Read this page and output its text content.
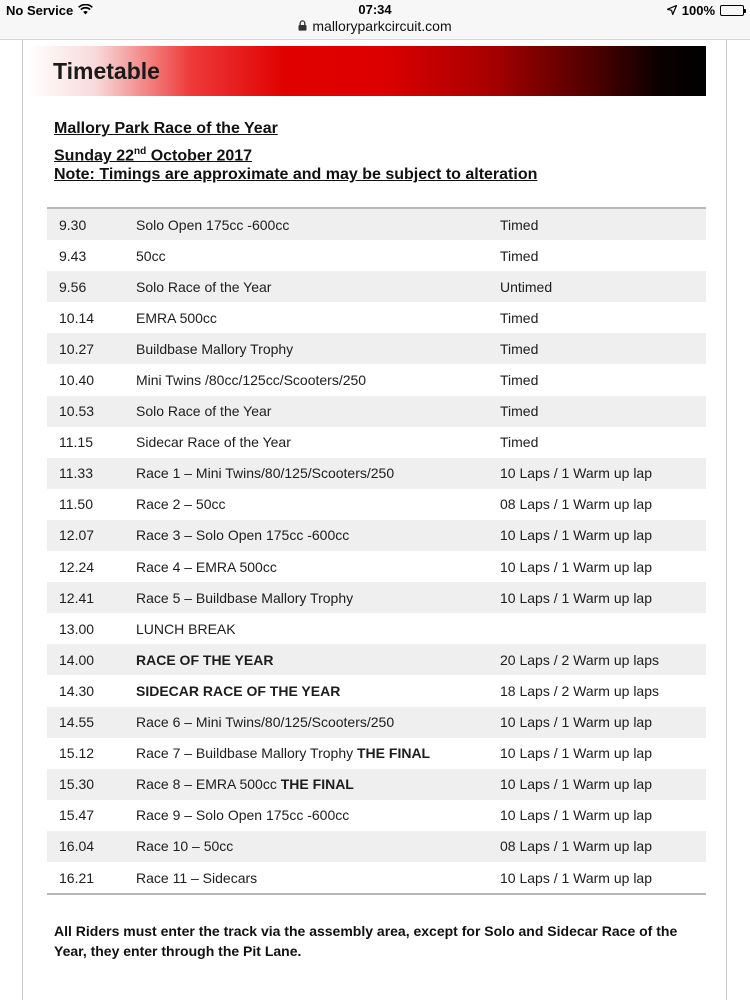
No Service	07:34
malloryparkcircuit.com
100%
Timetable
Mallory Park Race of the Year
Sunday 22nd October 2017
Note: Timings are approximate and may be subject to alteration
9.30	Solo Open 175cc -600cc	Timed
9.43	50cc	Timed
9.56	Solo Race of the Year	Untimed
10.14	EMRA 500cc	Timed
10.27	Buildbase Mallory Trophy	Timed
10.40	Mini Twins /80cc/125cc/Scooters/250	Timed
10.53	Solo Race of the Year	Timed
11.15	Sidecar Race of the Year	Timed
11.33	Race 1 – Mini Twins/80/125/Scooters/250	10 Laps / 1 Warm up lap
11.50	Race 2 – 50cc	08 Laps / 1 Warm up lap
12.07	Race 3 – Solo Open 175cc -600cc	10 Laps / 1 Warm up lap
12.24	Race 4 – EMRA 500cc	10 Laps / 1 Warm up lap
12.41	Race 5 – Buildbase Mallory Trophy	10 Laps / 1 Warm up lap
13.00	LUNCH BREAK
14.00	RACE OF THE YEAR	20 Laps / 2 Warm up laps
14.30	SIDECAR RACE OF THE YEAR	18 Laps / 2 Warm up laps
14.55	Race 6 – Mini Twins/80/125/Scooters/250	10 Laps / 1 Warm up lap
15.12	Race 7 – Buildbase Mallory Trophy THE FINAL	10 Laps / 1 Warm up lap
15.30	Race 8 – EMRA 500cc THE FINAL	10 Laps / 1 Warm up lap
15.47	Race 9 – Solo Open 175cc -600cc	10 Laps / 1 Warm up lap
16.04	Race 10 – 50cc	08 Laps / 1 Warm up lap
16.21	Race 11 – Sidecars	10 Laps / 1 Warm up lap
All Riders must enter the track via the assembly area, except for Solo and Sidecar Race of the Year, they enter through the Pit Lane.
